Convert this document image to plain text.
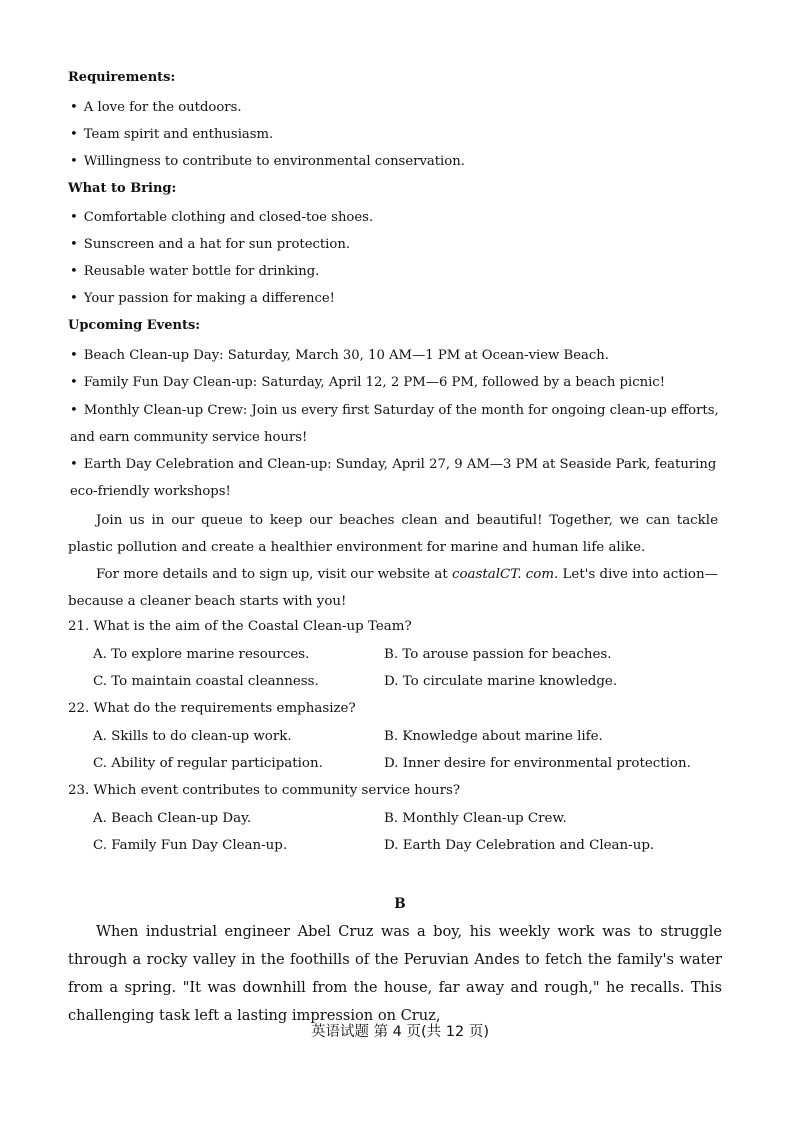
Requirements:
• A love for the outdoors.
• Team spirit and enthusiasm.
• Willingness to contribute to environmental conservation.
What to Bring:
• Comfortable clothing and closed-toe shoes.
• Sunscreen and a hat for sun protection.
• Reusable water bottle for drinking.
• Your passion for making a difference!
Upcoming Events:
• Beach Clean-up Day: Saturday, March 30, 10 AM—1 PM at Ocean-view Beach.
• Family Fun Day Clean-up: Saturday, April 12, 2 PM—6 PM, followed by a beach picnic!
• Monthly Clean-up Crew: Join us every first Saturday of the month for ongoing clean-up efforts, and earn community service hours!
• Earth Day Celebration and Clean-up: Sunday, April 27, 9 AM—3 PM at Seaside Park, featuring eco-friendly workshops!
Join us in our queue to keep our beaches clean and beautiful! Together, we can tackle plastic pollution and create a healthier environment for marine and human life alike.
For more details and to sign up, visit our website at coastalCT. com. Let's dive into action—because a cleaner beach starts with you!
21. What is the aim of the Coastal Clean-up Team?
A. To explore marine resources.	B. To arouse passion for beaches.
C. To maintain coastal cleanness.	D. To circulate marine knowledge.
22. What do the requirements emphasize?
A. Skills to do clean-up work.	B. Knowledge about marine life.
C. Ability of regular participation.	D. Inner desire for environmental protection.
23. Which event contributes to community service hours?
A. Beach Clean-up Day.	B. Monthly Clean-up Crew.
C. Family Fun Day Clean-up.	D. Earth Day Celebration and Clean-up.
B
When industrial engineer Abel Cruz was a boy, his weekly work was to struggle through a rocky valley in the foothills of the Peruvian Andes to fetch the family's water from a spring. "It was downhill from the house, far away and rough," he recalls. This challenging task left a lasting impression on Cruz,
英语试题 第 4 页(共 12 页)
